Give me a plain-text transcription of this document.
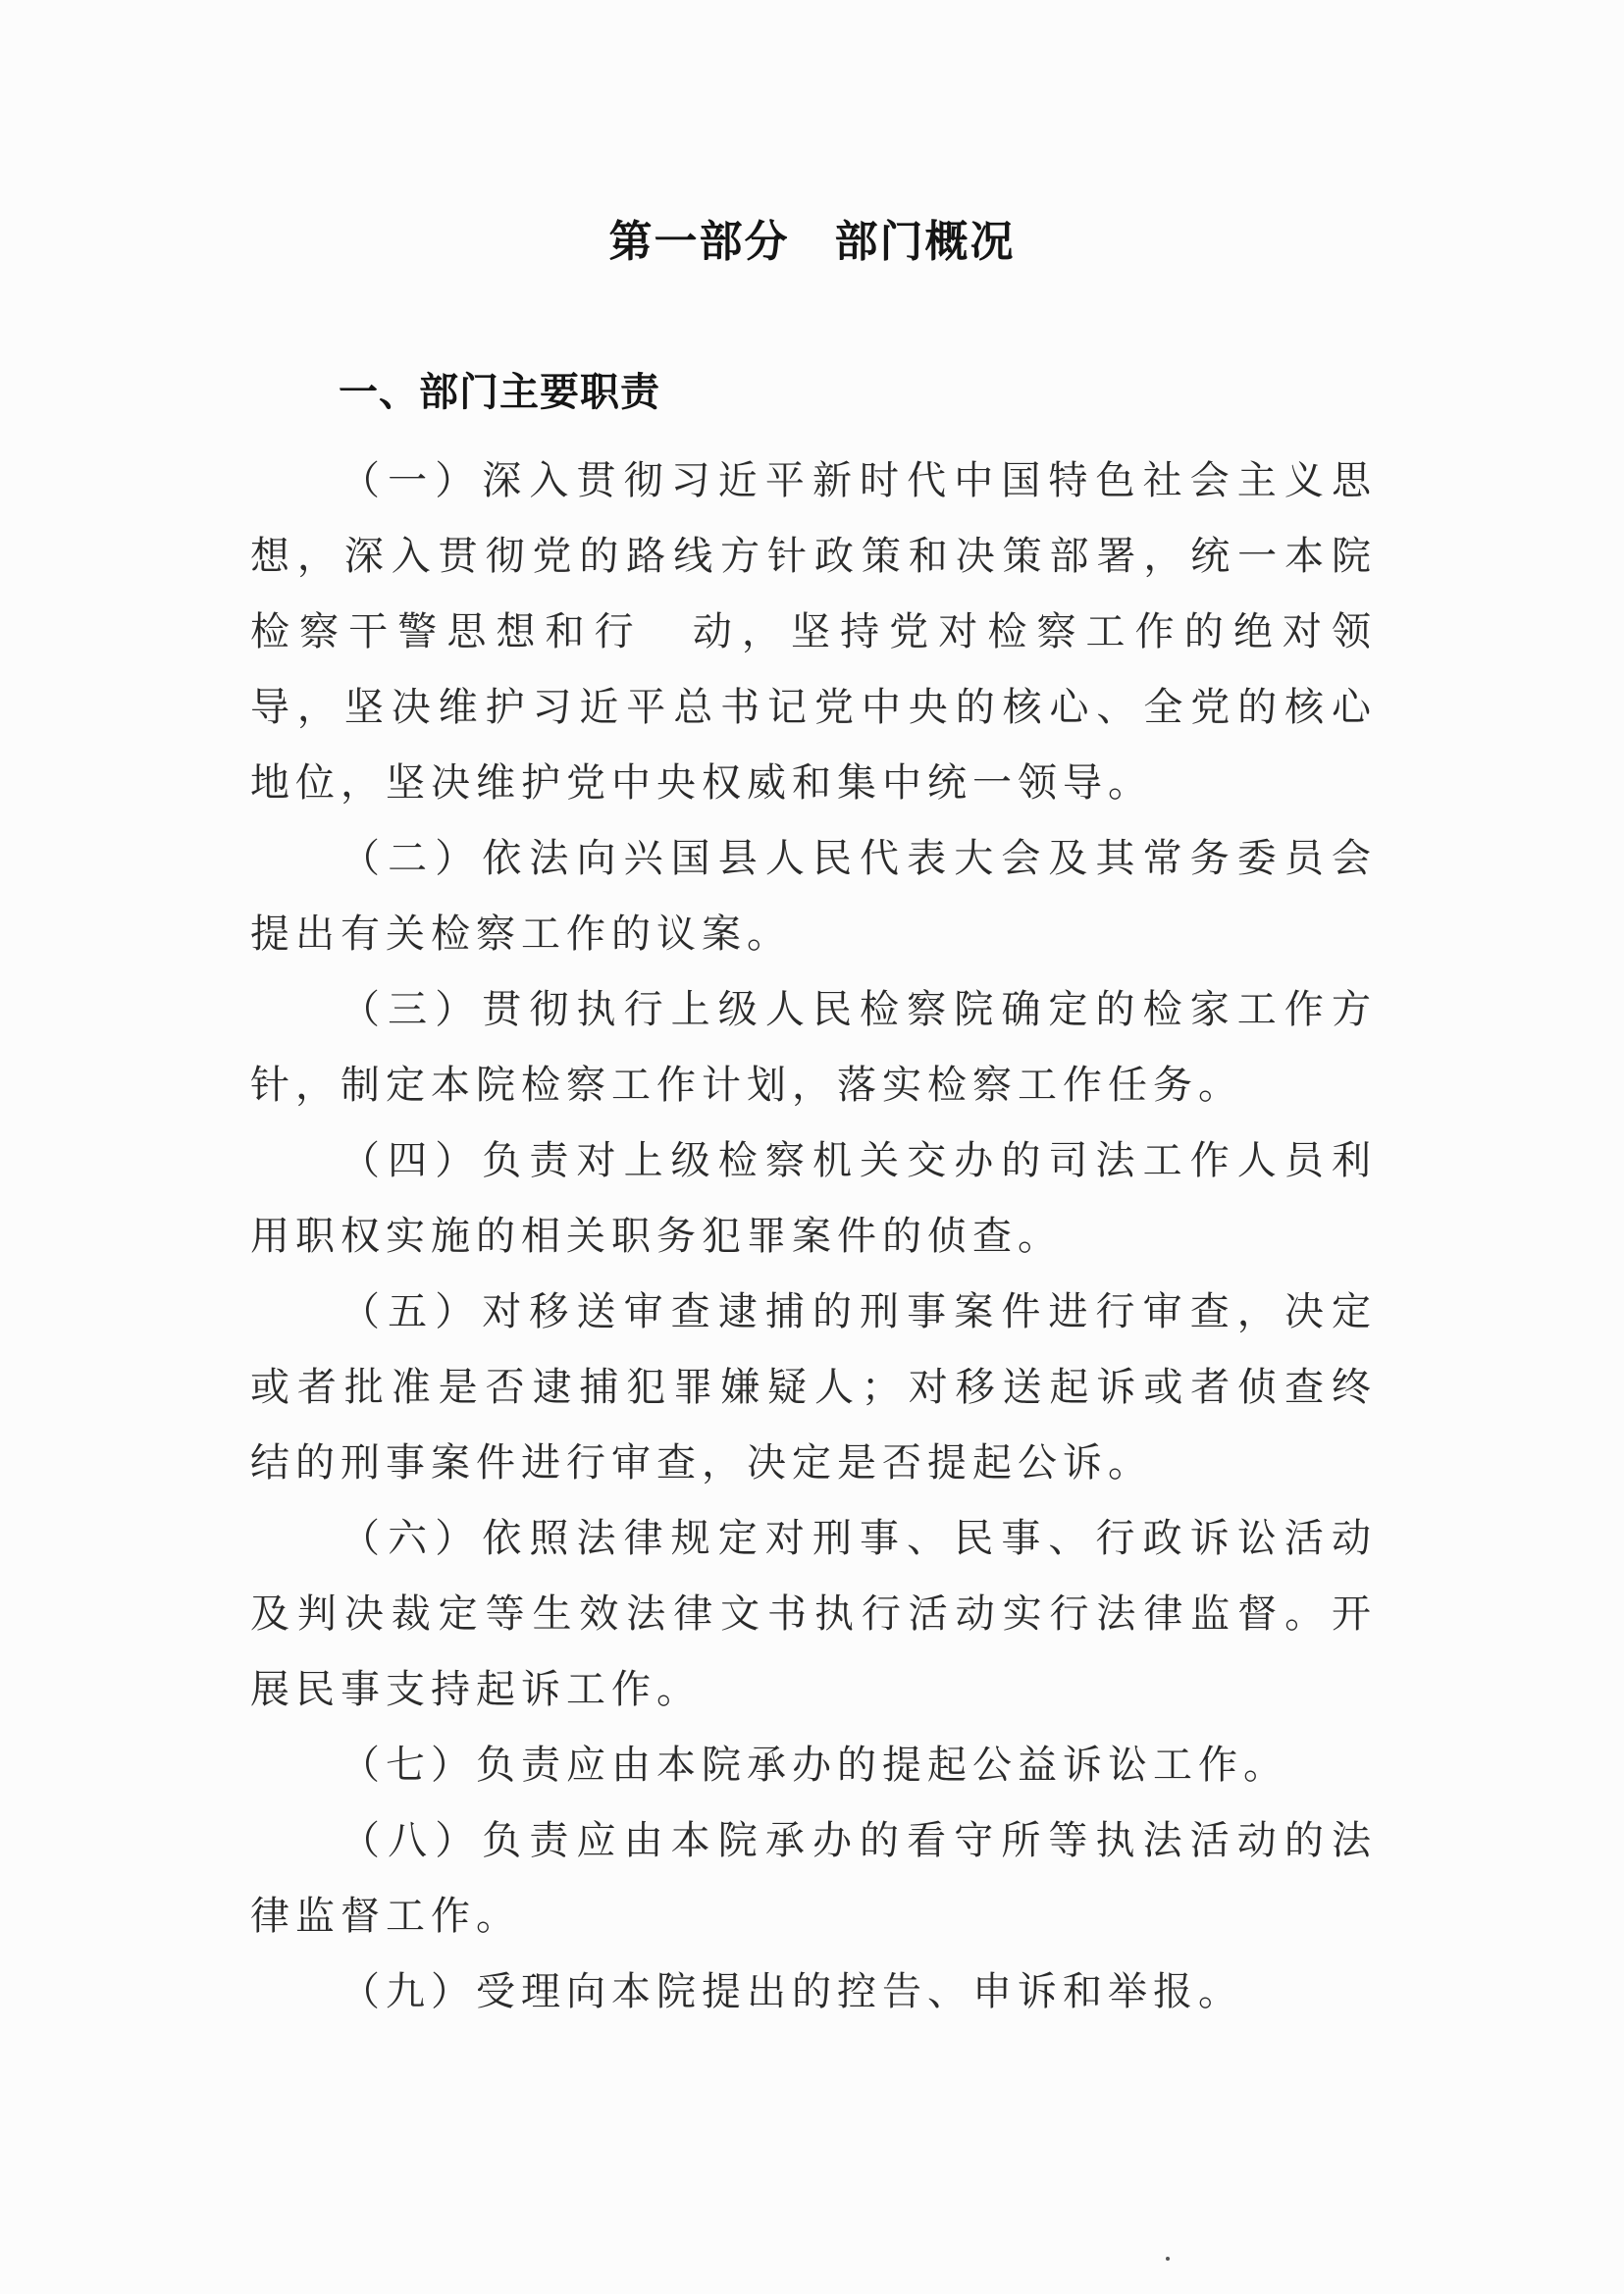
第一部分　部门概况
一、部门主要职责

（一）深入贯彻习近平新时代中国特色社会主义思想，深入贯彻党的路线方针政策和决策部署，统一本院检察干警思想和行　动，坚持党对检察工作的绝对领导，坚决维护习近平总书记党中央的核心、全党的核心地位，坚决维护党中央权威和集中统一领导。

（二）依法向兴国县人民代表大会及其常务委员会提出有关检察工作的议案。

（三）贯彻执行上级人民检察院确定的检家工作方针，制定本院检察工作计划，落实检察工作任务。

（四）负责对上级检察机关交办的司法工作人员利用职权实施的相关职务犯罪案件的侦查。

（五）对移送审查逮捕的刑事案件进行审查，决定或者批准是否逮捕犯罪嫌疑人；对移送起诉或者侦查终结的刑事案件进行审查，决定是否提起公诉。

（六）依照法律规定对刑事、民事、行政诉讼活动及判决裁定等生效法律文书执行活动实行法律监督。开展民事支持起诉工作。

（七）负责应由本院承办的提起公益诉讼工作。

（八）负责应由本院承办的看守所等执法活动的法律监督工作。

（九）受理向本院提出的控告、申诉和举报。
